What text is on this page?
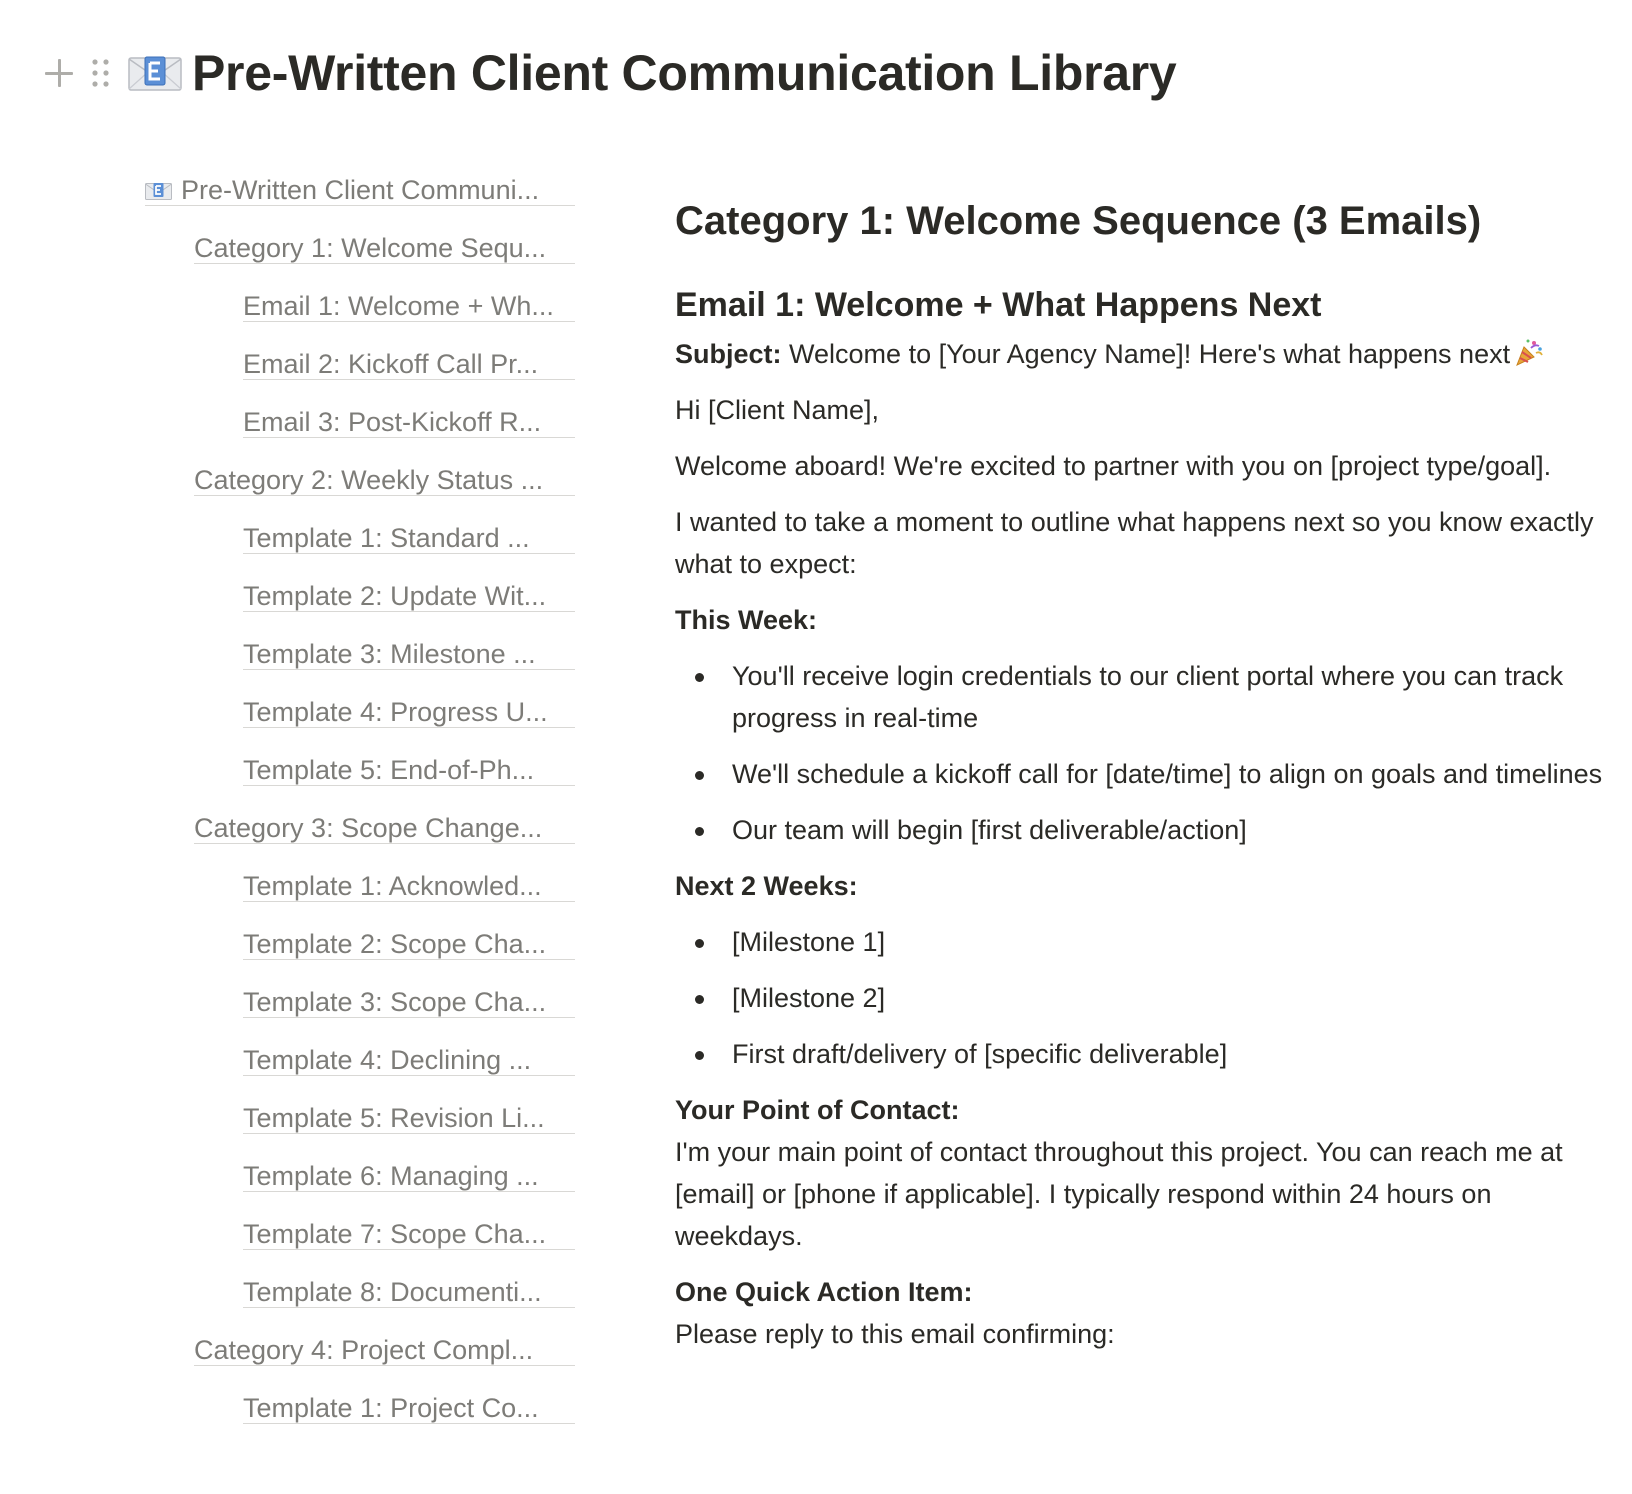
Pre-Written Client Communication Library
Pre-Written Client Communi...
Category 1: Welcome Sequ...
Email 1: Welcome + Wh...
Email 2: Kickoff Call Pr...
Email 3: Post-Kickoff R...
Category 2: Weekly Status ...
Template 1: Standard ...
Template 2: Update Wit...
Template 3: Milestone ...
Template 4: Progress U...
Template 5: End-of-Ph...
Category 3: Scope Change...
Template 1: Acknowled...
Template 2: Scope Cha...
Template 3: Scope Cha...
Template 4: Declining ...
Template 5: Revision Li...
Template 6: Managing ...
Template 7: Scope Cha...
Template 8: Documenti...
Category 4: Project Compl...
Template 1: Project Co...
Category 1: Welcome Sequence (3 Emails)
Email 1: Welcome + What Happens Next

Subject: Welcome to [Your Agency Name]! Here's what happens next

Hi [Client Name],

Welcome aboard! We're excited to partner with you on [project type/goal].

I wanted to take a moment to outline what happens next so you know exactly what to expect:

This Week:

You'll receive login credentials to our client portal where you can track progress in real-time
We'll schedule a kickoff call for [date/time] to align on goals and timelines
Our team will begin [first deliverable/action]

Next 2 Weeks:

[Milestone 1]
[Milestone 2]
First draft/delivery of [specific deliverable]

Your Point of Contact:
I'm your main point of contact throughout this project. You can reach me at [email] or [phone if applicable]. I typically respond within 24 hours on weekdays.

One Quick Action Item:
Please reply to this email confirming:
